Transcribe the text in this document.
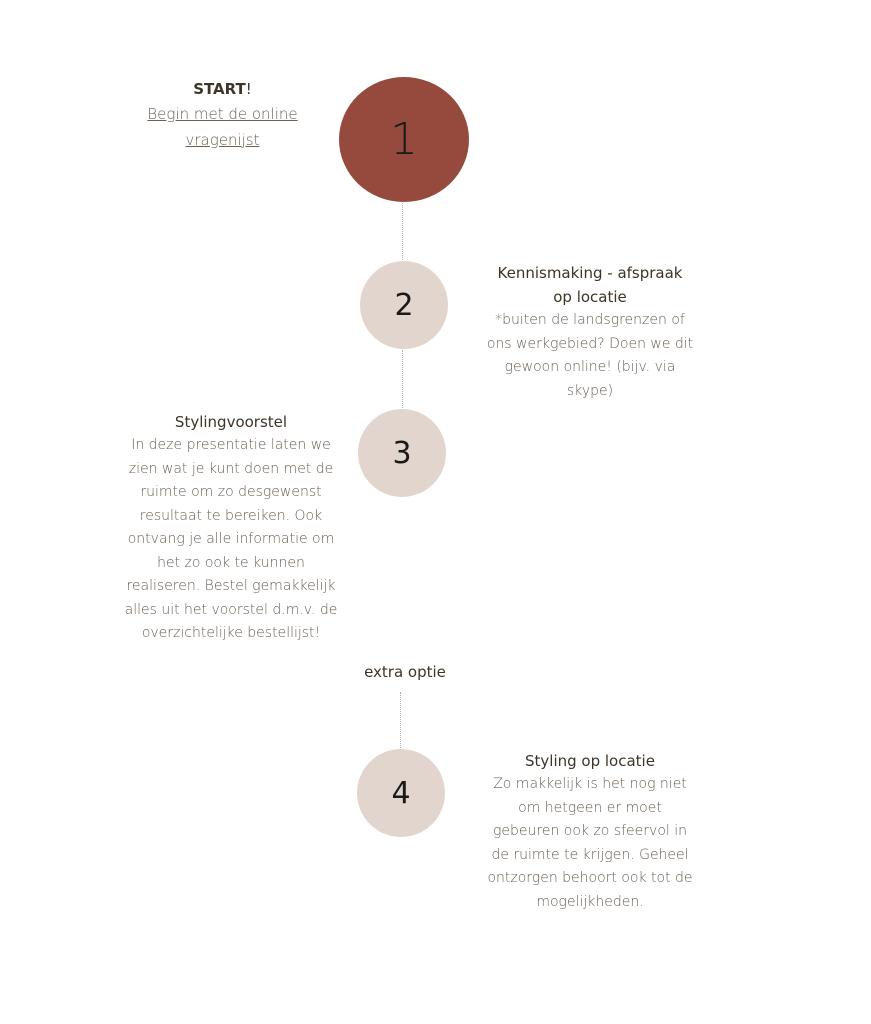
1
2
3
4
START!
Begin met de online vragenijst
Kennismaking - afspraak op locatie
*buiten de landsgrenzen of ons werkgebied? Doen we dit gewoon online! (bijv. via skype)
Stylingvoorstel
In deze presentatie laten we zien wat je kunt doen met de ruimte om zo desgewenst resultaat te bereiken. Ook ontvang je alle informatie om het zo ook te kunnen realiseren. Bestel gemakkelijk alles uit het voorstel d.m.v. de overzichtelijke bestellijst!
extra optie
Styling op locatie
Zo makkelijk is het nog niet om hetgeen er moet gebeuren ook zo sfeervol in de ruimte te krijgen. Geheel ontzorgen behoort ook tot de mogelijkheden.
